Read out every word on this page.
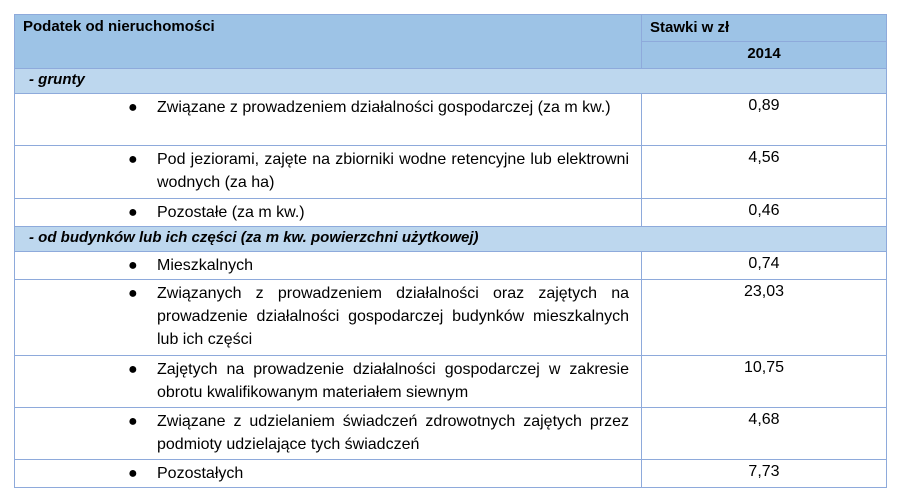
Podatek od nieruchomości	Stawki w zł
	2014
- grunty	

● Związane z prowadzeniem działalności gospodarczej (za m kw.)	0,89

● Pod jeziorami, zajęte na zbiorniki wodne retencyjne lub elektrowni wodnych (za ha)	4,56

● Pozostałe (za m kw.)	0,46
- od budynków lub ich części (za m kw. powierzchni użytkowej)	

● Mieszkalnych	0,74

● Związanych z prowadzeniem działalności oraz zajętych na prowadzenie działalności gospodarczej budynków mieszkalnych lub ich części	23,03

● Zajętych na prowadzenie działalności gospodarczej w zakresie obrotu kwalifikowanym materiałem siewnym	10,75

● Związane z udzielaniem świadczeń zdrowotnych zajętych przez podmioty udzielające tych świadczeń	4,68

● Pozostałych	7,73
